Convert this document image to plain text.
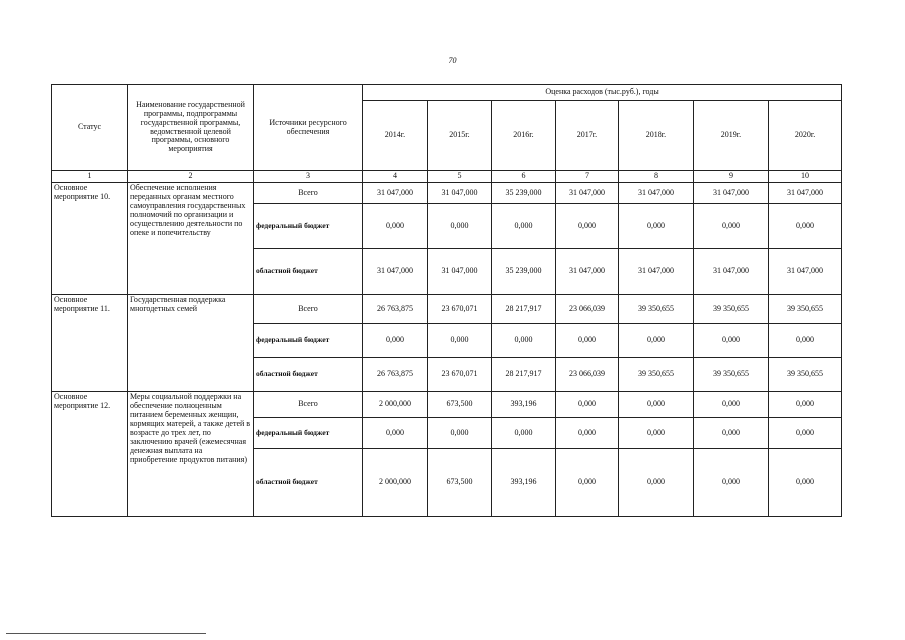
70
Статус	Наименование государственной программы, подпрограммы государственной программы, ведомственной целевой программы, основного мероприятия	Источники ресурсного обеспечения	Оценка расходов (тыс.руб.), годы						
			2014г.	2015г.	2016г.	2017г.	2018г.	2019г.	2020г.
1	2	3	4	5	6	7	8	9	10
Основное мероприятие 10.	Обеспечение исполнения переданных органам местного самоуправления государственных полномочий по организации и осуществлению деятельности по опеке и попечительству	Всего	31 047,000	31 047,000	35 239,000	31 047,000	31 047,000	31 047,000	31 047,000
		федеральный бюджет	0,000	0,000	0,000	0,000	0,000	0,000	0,000
		областной бюджет	31 047,000	31 047,000	35 239,000	31 047,000	31 047,000	31 047,000	31 047,000
Основное мероприятие 11.	Государственная поддержка многодетных семей	Всего	26 763,875	23 670,071	28 217,917	23 066,039	39 350,655	39 350,655	39 350,655
		федеральный бюджет	0,000	0,000	0,000	0,000	0,000	0,000	0,000
		областной бюджет	26 763,875	23 670,071	28 217,917	23 066,039	39 350,655	39 350,655	39 350,655
Основное мероприятие 12.	Меры социальной поддержки на обеспечение полноценным питанием беременных женщин, кормящих матерей, а также детей в возрасте до трех лет, по заключению врачей (ежемесячная денежная выплата на приобретение продуктов питания)	Всего	2 000,000	673,500	393,196	0,000	0,000	0,000	0,000
		федеральный бюджет	0,000	0,000	0,000	0,000	0,000	0,000	0,000
		областной бюджет	2 000,000	673,500	393,196	0,000	0,000	0,000	0,000
